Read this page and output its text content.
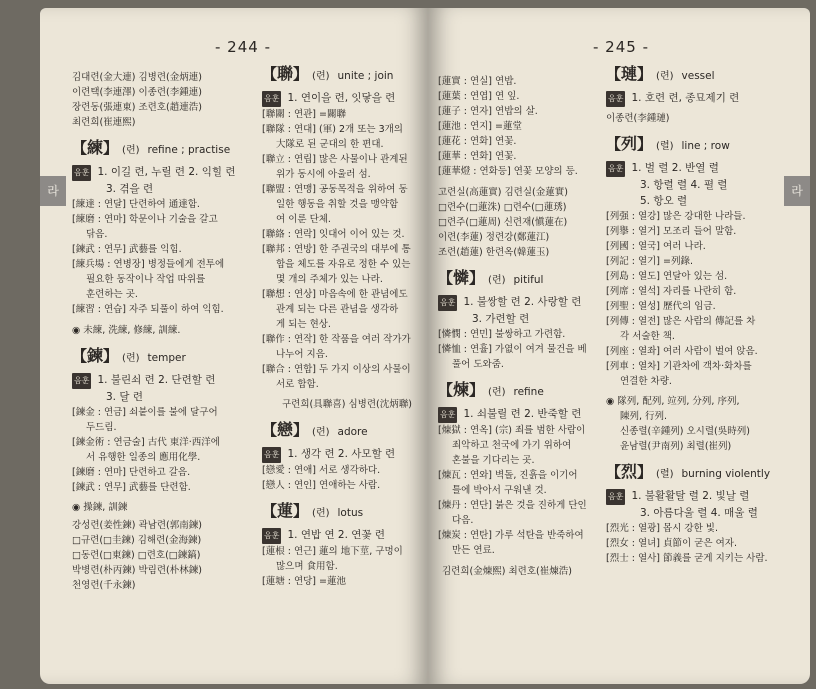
- 244 -
라

김대련(金大連) 김병련(金炳連)

이련택(李連澤) 이종련(李鍾連)

장련동(張連東) 조련호(趙連浩)

최련희(崔連熙)

【練】 (련) refine ; practise

음훈 1. 이길 련, 누릴 련 2. 익힐 련

3. 겪을 련

[練達 : 연달] 단련하여 通達함.

[練磨 : 연마] 학문이나 기술을 갈고

닦음.

[鍊武 : 연무] 武藝를 익힘.

[練兵場 : 연병장] 병정들에게 전투에

필요한 동작이나 작업 따위를

훈련하는 곳.

[練習 : 연습] 자주 되풀이 하여 익힘.

◉ 未練, 洗練, 修練, 訓練.

【鍊】 (련) temper

음훈 1. 불린쇠 련 2. 단련할 련

3. 달 련

[鍊金 : 연금] 쇠붙이를 불에 달구어

두드림.

[鍊金術 : 연금술] 古代 東洋·西洋에

서 유행한 일종의 應用化學.

[鍊磨 : 연마] 단련하고 갈음.

[鍊武 : 연무] 武藝를 단련함.

◉ 操鍊, 訓鍊

강성련(姜性鍊) 곽남련(郭南鍊)

□규련(□圭鍊) 김해련(金海鍊)

□동련(□東鍊) □련호(□鍊鎬)

박병련(朴丙鍊) 박림련(朴林鍊)

천영련(千永鍊)

【聯】 (련) unite ; join

음훈 1. 연이을 련, 잇닿을 련

[聯關 : 연관] =關聯

[聯隊 : 연대] (軍) 2개 또는 3개의

大隊로 된 군대의 한 편대.

[聯立 : 연립] 많은 사물이나 관계된

위가 동시에 아울러 섬.

[聯盟 : 연맹] 공동목적을 위하여 동

일한 행동을 취할 것을 맹약함

여 이룬 단체.

[聯絡 : 연락] 잇대어 이어 있는 것.

[聯邦 : 연방] 한 주권국의 대부에 통

합을 체도를 자유로 정한 수 있는

몇 개의 주체가 있는 나라.

[聯想 : 연상] 마음속에 한 관념에도

관계 되는 다른 관념을 생각하

게 되는 현상.

[聯作 : 연작] 한 작품을 여러 작가가

나누어 지음.

[聯合 : 연합] 두 가지 이상의 사물이

서로 합함.

구련희(具聯喜) 심병련(沈炳聯)

【戀】 (련) adore

음훈 1. 생각 련 2. 사모할 련

[戀愛 : 연애] 서로 생각하다.

[戀人 : 연인] 연애하는 사람.

【蓮】 (련) lotus

음훈 1. 연밥 연 2. 연꽃 련

[蓮根 : 연근] 蓮의 地下莖, 구멍이

많으며 食用함.

[蓮塘 : 연당] =蓮池

- 245 -
라

[蓮實 : 연실] 연밥.

[蓮葉 : 연엽] 연 잎.

[蓮子 : 연자] 연밥의 살.

[蓮池 : 연지] =蓮堂

[蓮花 : 연화] 연꽃.

[蓮華 : 연화] 연꽃.

[蓮華燈 : 연화등] 연꽃 모양의 등.

고련실(高蓮實) 김련실(金蓮實)

□련수(□蓮洙) □련수(□蓮琇)

□련주(□蓮周) 신련재(愼蓮在)

이련(李蓮) 정련강(鄭蓮江)

조련(趙蓮) 한련옥(韓蓮玉)

【憐】 (련) pitiful

음훈 1. 불쌍할 련 2. 사랑할 련

3. 가련할 련

[憐憫 : 연민] 불쌍하고 가련함.

[憐恤 : 연휼] 가엾이 여겨 물건을 베

풀어 도와줌.

【煉】 (련) refine

음훈 1. 쇠불릴 련 2. 반죽할 련

[煉獄 : 연옥] (宗) 죄를 범한 사람이

죄악하고 천국에 가기 위하여

혼불을 기다리는 곳.

[煉瓦 : 연와] 벽돌, 진흙을 이기어

틀에 박아서 구워낸 것.

[煉丹 : 연단] 붉은 것을 진하게 단인

다음.

[煉炭 : 연탄] 가루 석탄을 반죽하여

만든 연료.

김련희(金煉熙) 최련호(崔煉浩)

【璉】 (련) vessel

음훈 1. 호련 련, 종묘제기 련

이종련(李鍾璉)

【列】 (렬) line ; row

음훈 1. 벌 렬 2. 반열 렬

3. 항렬 렬 4. 펼 렬

5. 항오 렬

[列强 : 열강] 많은 강대한 나라들.

[列擧 : 열거] 모조리 들어 말함.

[列國 : 열국] 여러 나라.

[列記 : 열기] =列錄.

[列島 : 열도] 연달아 있는 섬.

[列席 : 열석] 자리를 나란히 함.

[列聖 : 열성] 歷代의 임금.

[列傳 : 열전] 많은 사람의 傳記를 차

각 서술한 책.

[列座 : 열좌] 여러 사람이 벌여 앉음.

[列車 : 열차] 기관차에 객차·화차를

연결한 차량.

◉ 隊列, 配列, 竝列, 分列, 序列,

陳列, 行列.

신종렬(辛鍾列) 오시렬(吳時列)

윤남렬(尹南列) 최렬(崔列)

【烈】 (렬) burning violently

음훈 1. 불활활탈 렬 2. 빛날 렬

3. 아름다울 렬 4. 매울 렬

[烈光 : 열광] 몹시 강한 빛.

[烈女 : 열녀] 貞節이 굳은 여자.

[烈士 : 열사] 節義를 굳게 지키는 사람.
